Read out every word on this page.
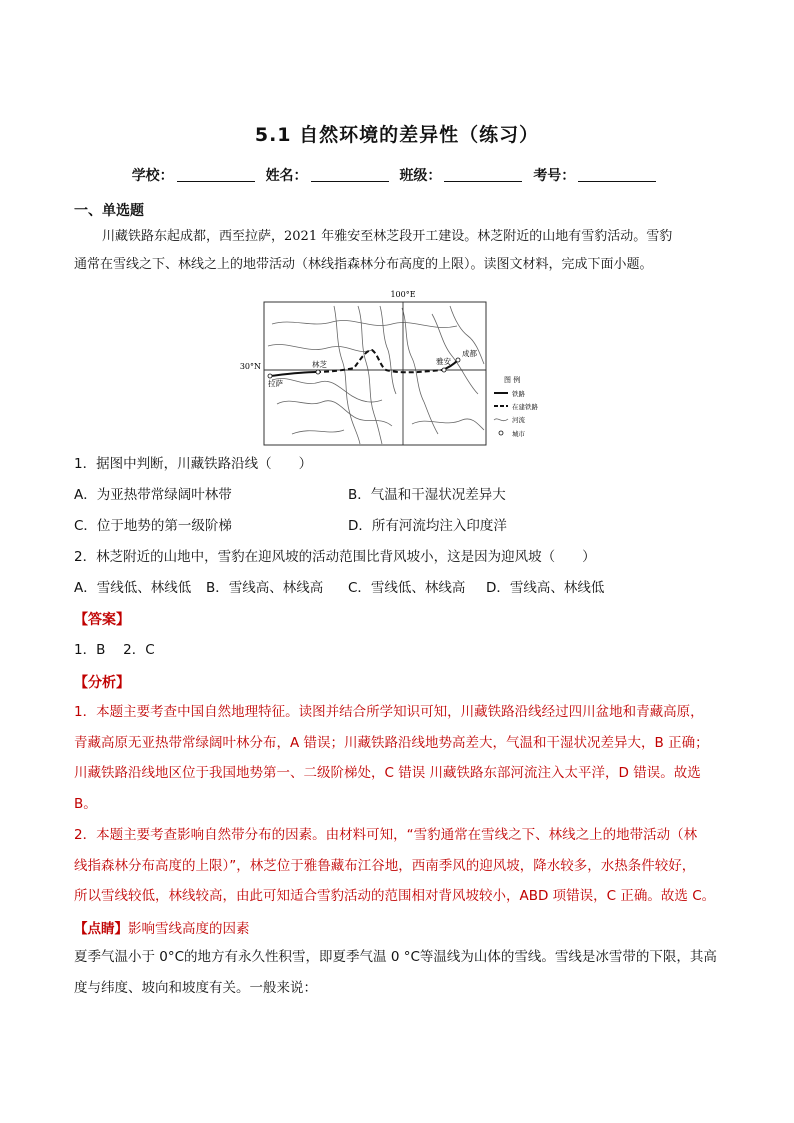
5.1 自然环境的差异性（练习）
学校：	姓名：	班级：	考号：
一、单选题
川藏铁路东起成都，西至拉萨，2021 年雅安至林芝段开工建设。林芝附近的山地有雪豹活动。雪豹
通常在雪线之下、林线之上的地带活动（林线指森林分布高度的上限）。读图文材料，完成下面小题。
100°E
30°N
拉萨
林芝	雅安
成都
图 例
铁路
在建铁路
河流
城市
1．据图中判断，川藏铁路沿线（　　）
A．为亚热带常绿阔叶林带	B．气温和干湿状况差异大
C．位于地势的第一级阶梯	D．所有河流均注入印度洋
2．林芝附近的山地中，雪豹在迎风坡的活动范围比背风坡小，这是因为迎风坡（　　）
A．雪线低、林线低 B．雪线高、林线高 C．雪线低、林线高 D．雪线高、林线低
【答案】
1．B　 2．C
【分析】
1．本题主要考查中国自然地理特征。读图并结合所学知识可知，川藏铁路沿线经过四川盆地和青藏高原，
青藏高原无亚热带常绿阔叶林分布，A 错误；川藏铁路沿线地势高差大，气温和干湿状况差异大，B 正确；
川藏铁路沿线地区位于我国地势第一、二级阶梯处，C 错误 川藏铁路东部河流注入太平洋，D 错误。故选
B。
2．本题主要考查影响自然带分布的因素。由材料可知，“雪豹通常在雪线之下、林线之上的地带活动（林
线指森林分布高度的上限）”，林芝位于雅鲁藏布江谷地，西南季风的迎风坡，降水较多，水热条件较好，
所以雪线较低，林线较高，由此可知适合雪豹活动的范围相对背风坡较小，ABD 项错误，C 正确。故选 C。
【点睛】影响雪线高度的因素
夏季气温小于 0°C的地方有永久性积雪，即夏季气温 0 °C等温线为山体的雪线。雪线是冰雪带的下限，其高
度与纬度、坡向和坡度有关。一般来说：
